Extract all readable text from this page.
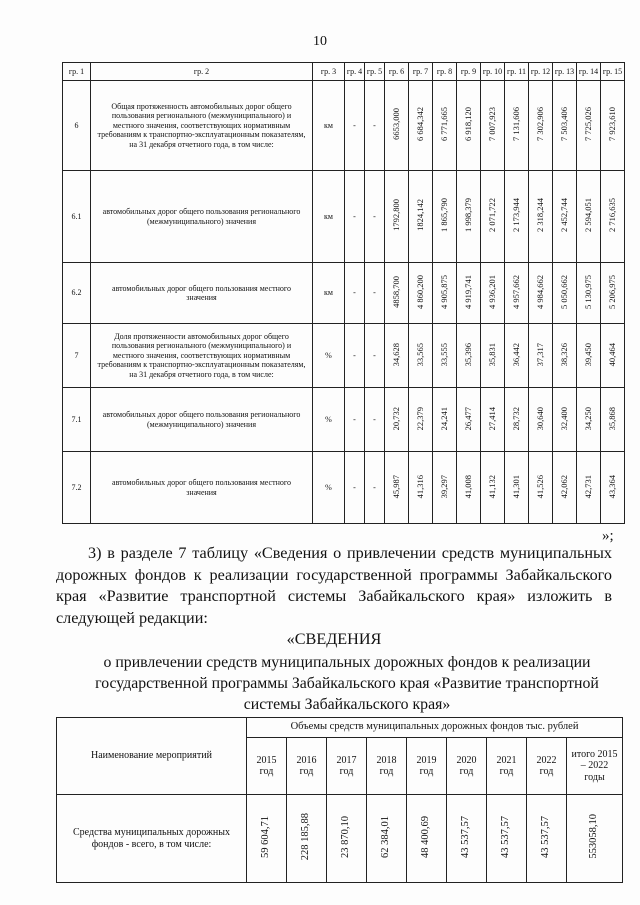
10
гр. 1	гр. 2	гр. 3	гр. 4	гр. 5	гр. 6	гр. 7	гр. 8	гр. 9	гр. 10	гр. 11	гр. 12	гр. 13	гр. 14	гр. 15
6	Общая протяженность автомобильных дорог общего пользования регионального (межмуниципального) и местного значения, соответствующих нормативным требованиям к транспортно-эксплуатационным показателям, на 31 декабря отчетного года, в том числе:	км	-	-	6653,000	6 684,342	6 771,665	6 918,120	7 007,923	7 131,606	7 302,906	7 503,406	7 725,026	7 923,610
6.1	автомобильных дорог общего пользования регионального (межмуниципального) значения	км	-	-	1792,800	1824,142	1 865,790	1 998,379	2 071,722	2 173,944	2 318,244	2 452,744	2 594,051	2 716,635
6.2	автомобильных дорог общего пользования местного значения	км	-	-	4858,700	4 860,200	4 905,875	4 919,741	4 936,201	4 957,662	4 984,662	5 050,662	5 130,975	5 206,975
7	Доля протяженности автомобильных дорог общего пользования регионального (межмуниципального) и местного значения, соответствующих нормативным требованиям к транспортно-эксплуатационным показателям, на 31 декабря отчетного года, в том числе:	%	-	-	34,628	33,565	33,555	35,396	35,831	36,442	37,317	38,326	39,450	40,464
7.1	автомобильных дорог общего пользования регионального (межмуниципального) значения	%	-	-	20,732	22,379	24,241	26,477	27,414	28,732	30,640	32,400	34,250	35,868
7.2	автомобильных дорог общего пользования местного значения	%	-	-	45,987	41,316	39,297	41,008	41,132	41,301	41,526	42,062	42,731	43,364
»;
3) в разделе 7 таблицу «Сведения о привлечении средств муниципальных дорожных фондов к реализации государственной программы Забайкальского края «Развитие транспортной системы Забайкальского края» изложить в следующей редакции:
«СВЕДЕНИЯ
о привлечении средств муниципальных дорожных фондов к реализации государственной программы Забайкальского края «Развитие транспортной системы Забайкальского края»
Наименование мероприятий	Объемы средств муниципальных дорожных фондов тыс. рублей								
	2015 год	2016 год	2017 год	2018 год	2019 год	2020 год	2021 год	2022 год	итого 2015 – 2022 годы
Средства муниципальных дорожных фондов - всего, в том числе:	59 604,71	228 185,88	23 870,10	62 384,01	48 400,69	43 537,57	43 537,57	43 537,57	553058,10
